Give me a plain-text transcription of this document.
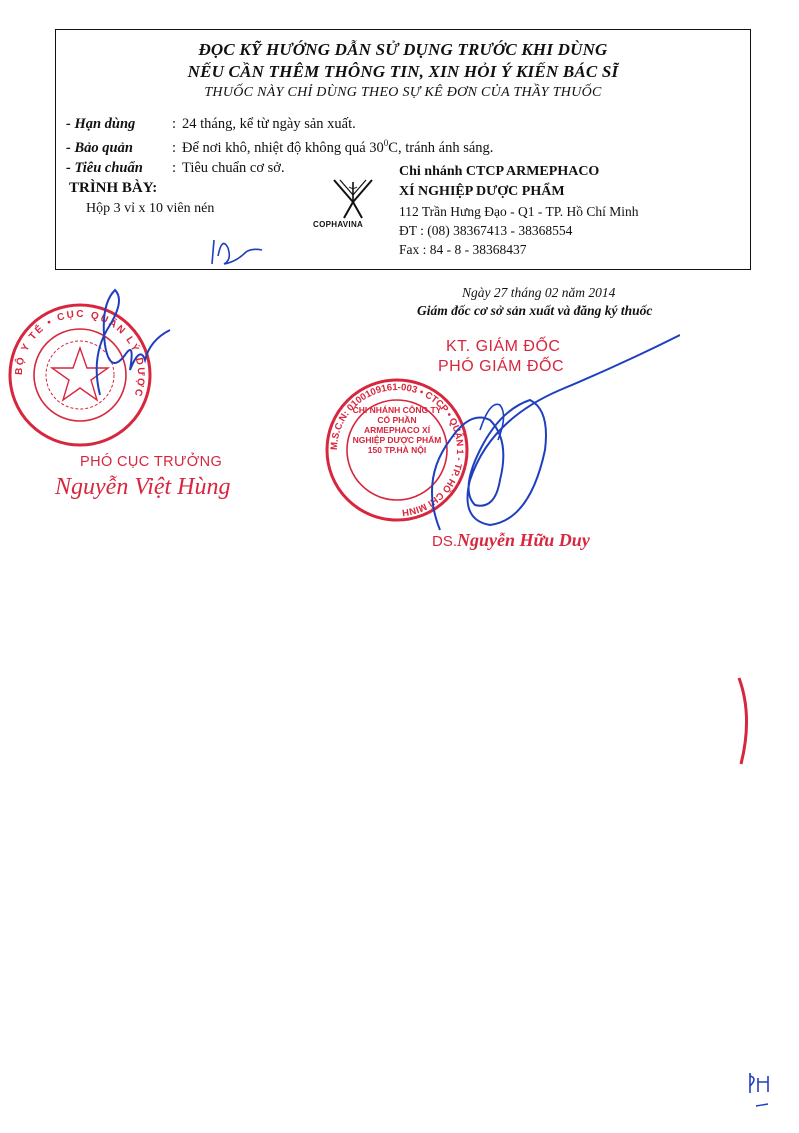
ĐỌC KỸ HƯỚNG DẪN SỬ DỤNG TRƯỚC KHI DÙNG
NẾU CẦN THÊM THÔNG TIN, XIN HỎI Ý KIẾN BÁC SĨ
THUỐC NÀY CHỈ DÙNG THEO SỰ KÊ ĐƠN CỦA THẦY THUỐC
- Hạn dùng	: 24 tháng, kể từ ngày sản xuất.
- Bảo quản	: Để nơi khô, nhiệt độ không quá $30^0C$, tránh ánh sáng.
- Tiêu chuẩn : Tiêu chuẩn cơ sở.
TRÌNH BÀY:
Hộp 3 vỉ x 10 viên nén
COPHAVINA
Chi nhánh CTCP ARMEPHACO
XÍ NGHIỆP DƯỢC PHẨM
112 Trần Hưng Đạo - Q1 - TP. Hồ Chí Minh
ĐT : (08) 38367413 - 38368554
Fax : 84 - 8 - 38368437
Ngày 27 tháng 02 năm 2014
Giám đốc cơ sở sản xuất và đăng ký thuốc
KT. GIÁM ĐỐC
PHÓ GIÁM ĐỐC
M.S.C.N: 0100109161-003 • CTCP • QUẬN 1 - TP. HỒ CHÍ MINH
CHI NHÁNH CÔNG TY CỔ PHẦN ARMEPHACO XÍ NGHIỆP DƯỢC PHẨM 150 TP.HÀ NỘI
DS.Nguyễn Hữu Duy
BỘ Y TẾ • CỤC QUẢN LÝ DƯỢC
PHÓ CỤC TRƯỞNG
Nguyễn Việt Hùng
